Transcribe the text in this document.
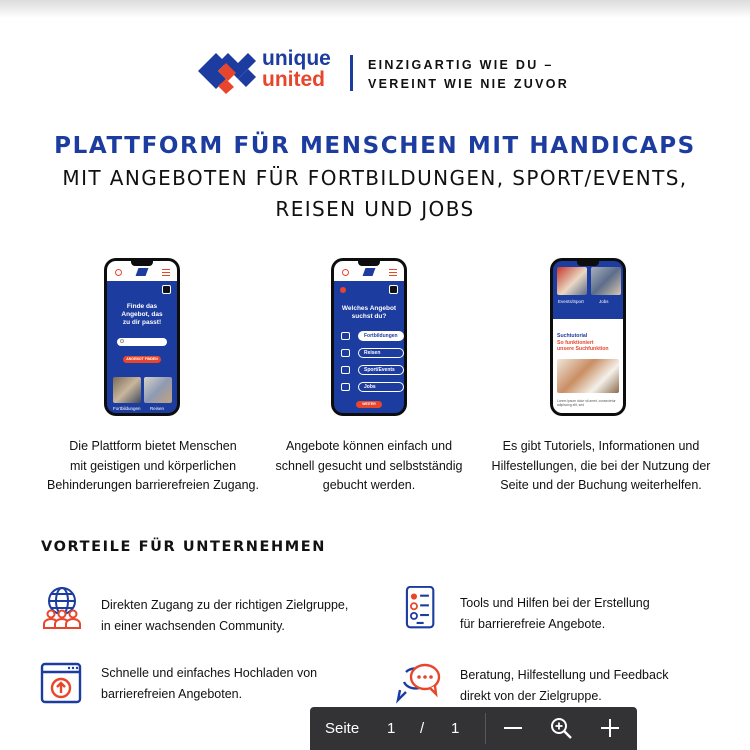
unique
united
EINZIGARTIG WIE DU –
VEREINT WIE NIE ZUVOR
PLATTFORM FÜR MENSCHEN MIT HANDICAPS
MIT ANGEBOTEN FÜR FORTBILDUNGEN, SPORT/EVENTS,
REISEN UND JOBS
Finde das
Angebot, das
zu dir passt!
ANGEBOT FINDEN
Fortbildungen Reisen
Welches Angebot
suchst du?
Fortbildungen
Reisen
Sport/Events
Jobs
WEITER
Events/Sport	Jobs
Suchtutorial
So funktioniert
unsere Suchfunktion
Lorem ipsum dolor sit amet, consectetur adipiscing elit, sed
Die Plattform bietet Menschen
mit geistigen und körperlichen
Behinderungen barrierefreien Zugang.
Angebote können einfach und
schnell gesucht und selbstständig
gebucht werden.
Es gibt Tutoriels, Informationen und
Hilfestellungen, die bei der Nutzung der
Seite und der Buchung weiterhelfen.
VORTEILE FÜR UNTERNEHMEN
Direkten Zugang zu der richtigen Zielgruppe,
in einer wachsenden Community.
Tools und Hilfen bei der Erstellung
für barrierefreie Angebote.
Schnelle und einfaches Hochladen von
barrierefreien Angeboten.
Beratung, Hilfestellung und Feedback
direkt von der Zielgruppe.
Seite 1 / 1
